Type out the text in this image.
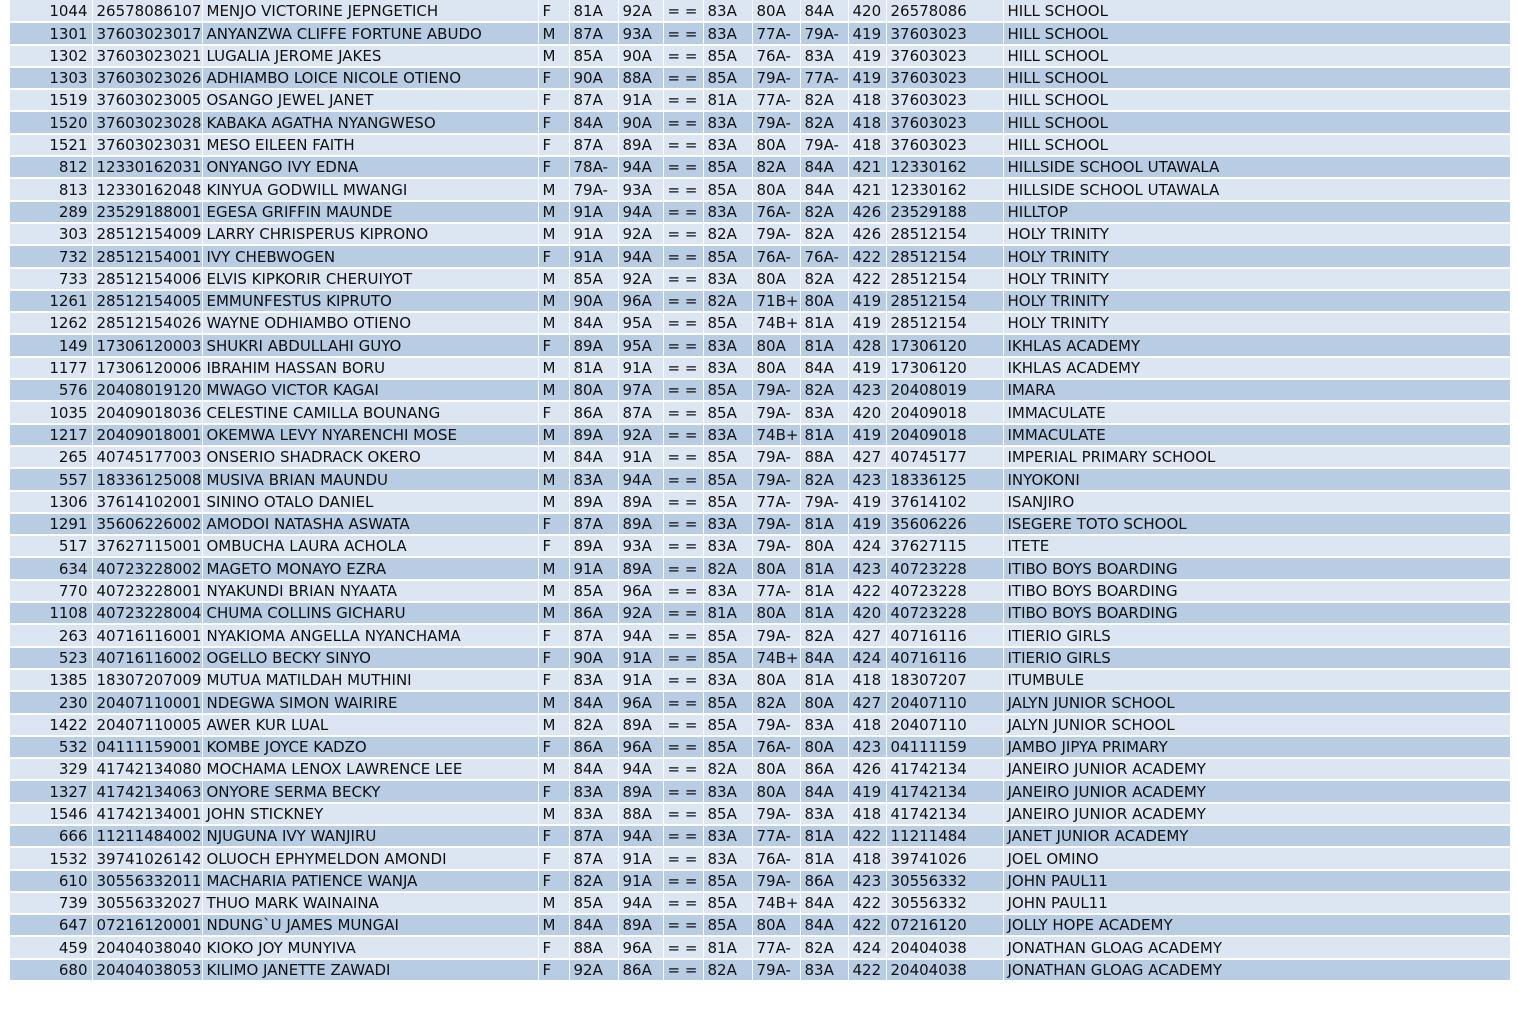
1044	26578086107	MENJO VICTORINE JEPNGETICH	F	81A	92A	= =	83A	80A	84A	420	26578086	HILL SCHOOL
1301	37603023017	ANYANZWA CLIFFE FORTUNE ABUDO	M	87A	93A	= =	83A	77A-	79A-	419	37603023	HILL SCHOOL
1302	37603023021	LUGALIA JEROME JAKES	M	85A	90A	= =	85A	76A-	83A	419	37603023	HILL SCHOOL
1303	37603023026	ADHIAMBO LOICE NICOLE OTIENO	F	90A	88A	= =	85A	79A-	77A-	419	37603023	HILL SCHOOL
1519	37603023005	OSANGO JEWEL JANET	F	87A	91A	= =	81A	77A-	82A	418	37603023	HILL SCHOOL
1520	37603023028	KABAKA AGATHA NYANGWESO	F	84A	90A	= =	83A	79A-	82A	418	37603023	HILL SCHOOL
1521	37603023031	MESO EILEEN FAITH	F	87A	89A	= =	83A	80A	79A-	418	37603023	HILL SCHOOL
812	12330162031	ONYANGO IVY EDNA	F	78A-	94A	= =	85A	82A	84A	421	12330162	HILLSIDE SCHOOL UTAWALA
813	12330162048	KINYUA GODWILL MWANGI	M	79A-	93A	= =	85A	80A	84A	421	12330162	HILLSIDE SCHOOL UTAWALA
289	23529188001	EGESA GRIFFIN MAUNDE	M	91A	94A	= =	83A	76A-	82A	426	23529188	HILLTOP
303	28512154009	LARRY CHRISPERUS KIPRONO	M	91A	92A	= =	82A	79A-	82A	426	28512154	HOLY TRINITY
732	28512154001	IVY CHEBWOGEN	F	91A	94A	= =	85A	76A-	76A-	422	28512154	HOLY TRINITY
733	28512154006	ELVIS KIPKORIR CHERUIYOT	M	85A	92A	= =	83A	80A	82A	422	28512154	HOLY TRINITY
1261	28512154005	EMMUNFESTUS KIPRUTO	M	90A	96A	= =	82A	71B+	80A	419	28512154	HOLY TRINITY
1262	28512154026	WAYNE ODHIAMBO OTIENO	M	84A	95A	= =	85A	74B+	81A	419	28512154	HOLY TRINITY
149	17306120003	SHUKRI ABDULLAHI GUYO	F	89A	95A	= =	83A	80A	81A	428	17306120	IKHLAS ACADEMY
1177	17306120006	IBRAHIM HASSAN BORU	M	81A	91A	= =	83A	80A	84A	419	17306120	IKHLAS ACADEMY
576	20408019120	MWAGO VICTOR KAGAI	M	80A	97A	= =	85A	79A-	82A	423	20408019	IMARA
1035	20409018036	CELESTINE CAMILLA BOUNANG	F	86A	87A	= =	85A	79A-	83A	420	20409018	IMMACULATE
1217	20409018001	OKEMWA LEVY NYARENCHI MOSE	M	89A	92A	= =	83A	74B+	81A	419	20409018	IMMACULATE
265	40745177003	ONSERIO SHADRACK OKERO	M	84A	91A	= =	85A	79A-	88A	427	40745177	IMPERIAL PRIMARY SCHOOL
557	18336125008	MUSIVA BRIAN MAUNDU	M	83A	94A	= =	85A	79A-	82A	423	18336125	INYOKONI
1306	37614102001	SININO OTALO DANIEL	M	89A	89A	= =	85A	77A-	79A-	419	37614102	ISANJIRO
1291	35606226002	AMODOI NATASHA ASWATA	F	87A	89A	= =	83A	79A-	81A	419	35606226	ISEGERE TOTO SCHOOL
517	37627115001	OMBUCHA LAURA ACHOLA	F	89A	93A	= =	83A	79A-	80A	424	37627115	ITETE
634	40723228002	MAGETO MONAYO EZRA	M	91A	89A	= =	82A	80A	81A	423	40723228	ITIBO BOYS BOARDING
770	40723228001	NYAKUNDI BRIAN NYAATA	M	85A	96A	= =	83A	77A-	81A	422	40723228	ITIBO BOYS BOARDING
1108	40723228004	CHUMA COLLINS GICHARU	M	86A	92A	= =	81A	80A	81A	420	40723228	ITIBO BOYS BOARDING
263	40716116001	NYAKIOMA ANGELLA NYANCHAMA	F	87A	94A	= =	85A	79A-	82A	427	40716116	ITIERIO GIRLS
523	40716116002	OGELLO BECKY SINYO	F	90A	91A	= =	85A	74B+	84A	424	40716116	ITIERIO GIRLS
1385	18307207009	MUTUA MATILDAH MUTHINI	F	83A	91A	= =	83A	80A	81A	418	18307207	ITUMBULE
230	20407110001	NDEGWA SIMON WAIRIRE	M	84A	96A	= =	85A	82A	80A	427	20407110	JALYN JUNIOR SCHOOL
1422	20407110005	AWER KUR LUAL	M	82A	89A	= =	85A	79A-	83A	418	20407110	JALYN JUNIOR SCHOOL
532	04111159001	KOMBE JOYCE KADZO	F	86A	96A	= =	85A	76A-	80A	423	04111159	JAMBO JIPYA PRIMARY
329	41742134080	MOCHAMA LENOX LAWRENCE LEE	M	84A	94A	= =	82A	80A	86A	426	41742134	JANEIRO JUNIOR ACADEMY
1327	41742134063	ONYORE SERMA BECKY	F	83A	89A	= =	83A	80A	84A	419	41742134	JANEIRO JUNIOR ACADEMY
1546	41742134001	JOHN STICKNEY	M	83A	88A	= =	85A	79A-	83A	418	41742134	JANEIRO JUNIOR ACADEMY
666	11211484002	NJUGUNA IVY WANJIRU	F	87A	94A	= =	83A	77A-	81A	422	11211484	JANET JUNIOR ACADEMY
1532	39741026142	OLUOCH EPHYMELDON AMONDI	F	87A	91A	= =	83A	76A-	81A	418	39741026	JOEL OMINO
610	30556332011	MACHARIA PATIENCE WANJA	F	82A	91A	= =	85A	79A-	86A	423	30556332	JOHN PAUL11
739	30556332027	THUO MARK WAINAINA	M	85A	94A	= =	85A	74B+	84A	422	30556332	JOHN PAUL11
647	07216120001	NDUNG`U JAMES MUNGAI	M	84A	89A	= =	85A	80A	84A	422	07216120	JOLLY HOPE ACADEMY
459	20404038040	KIOKO JOY MUNYIVA	F	88A	96A	= =	81A	77A-	82A	424	20404038	JONATHAN GLOAG ACADEMY
680	20404038053	KILIMO JANETTE ZAWADI	F	92A	86A	= =	82A	79A-	83A	422	20404038	JONATHAN GLOAG ACADEMY
